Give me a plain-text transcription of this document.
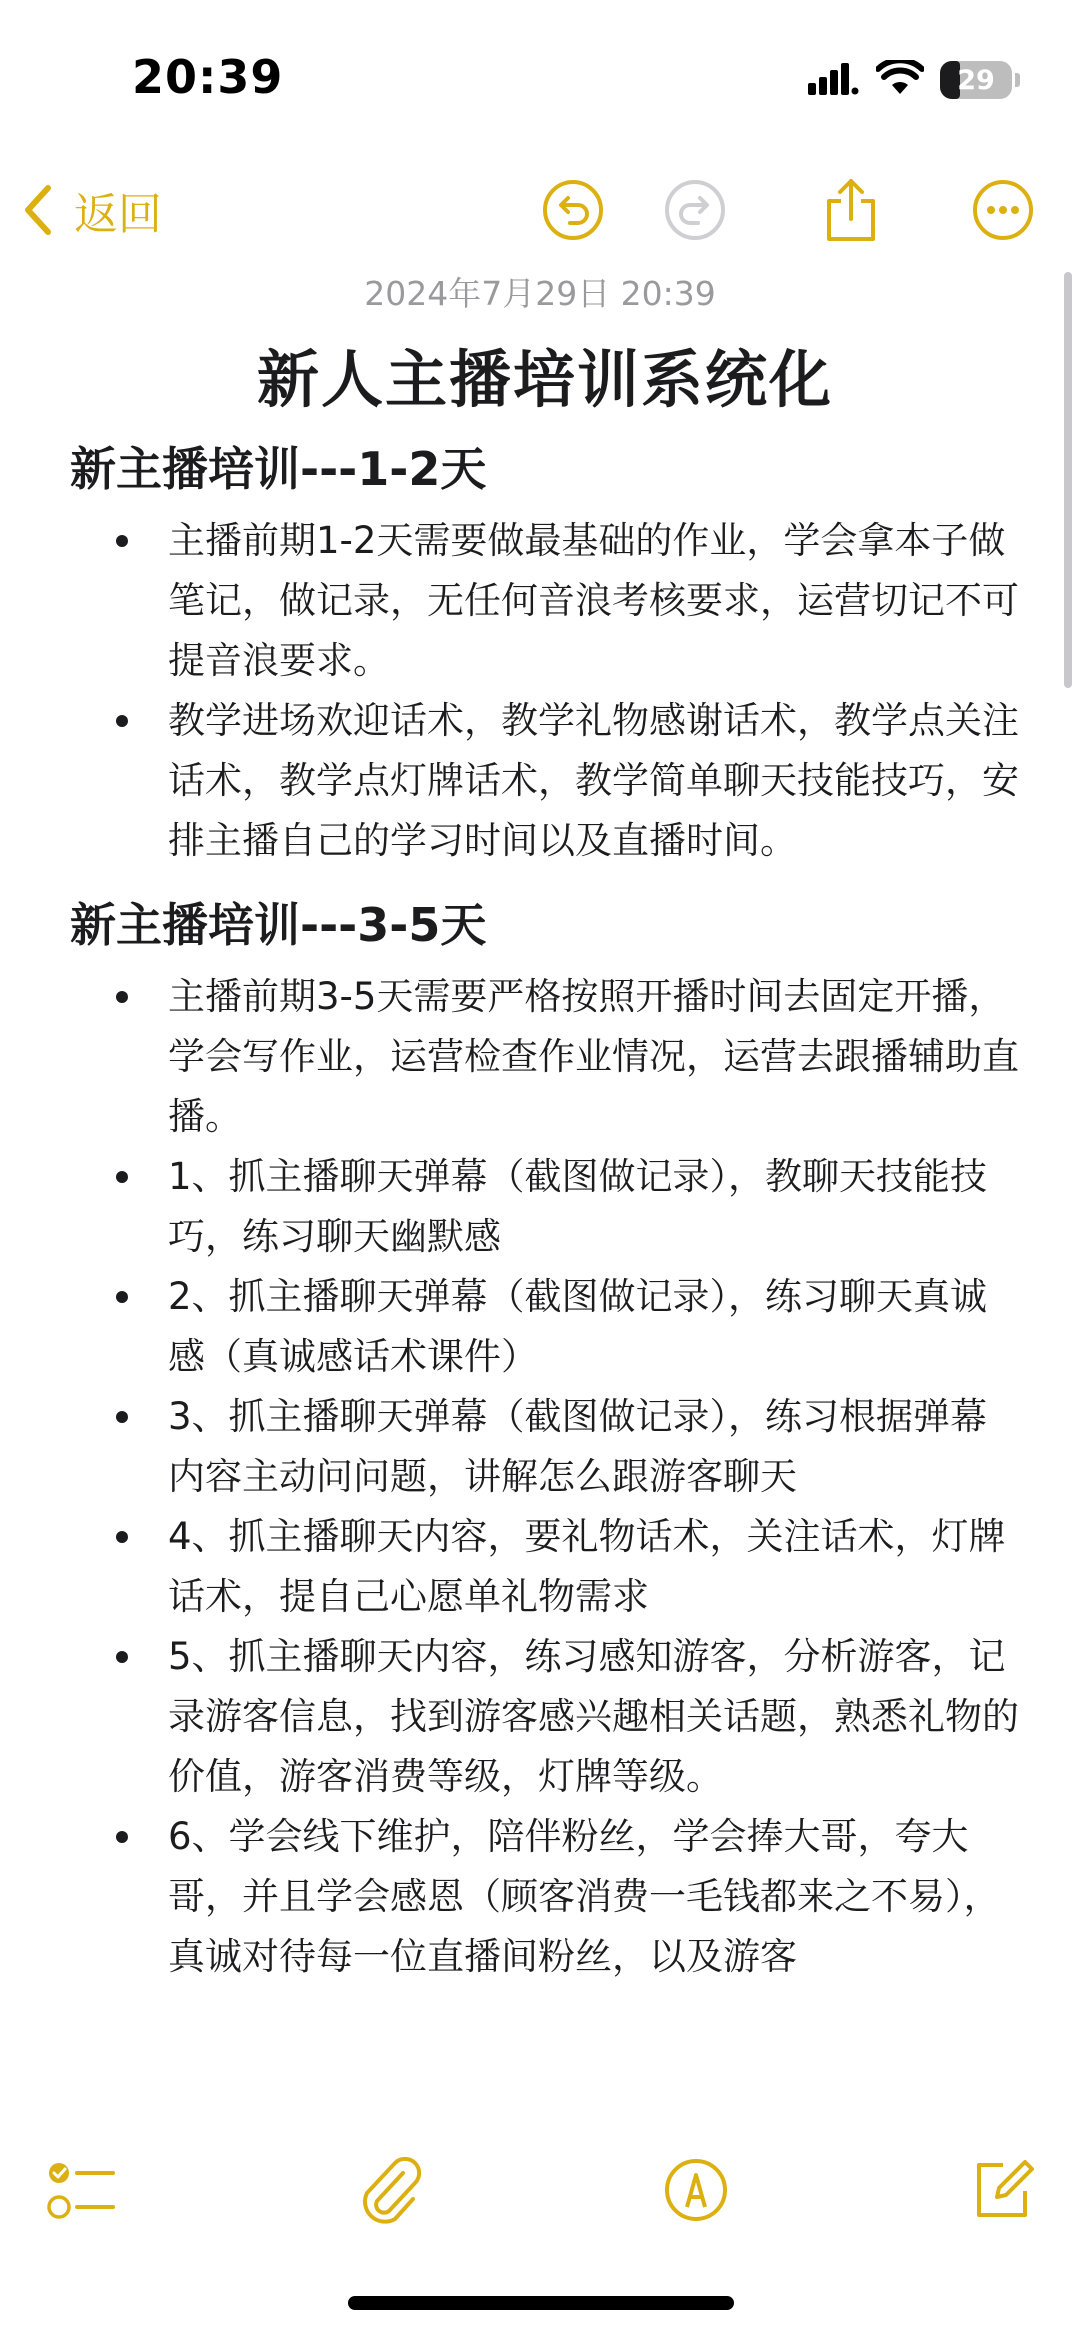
20:39	29
返回
2024年7月29日 20:39
新人主播培训系统化
新主播培训---1-2天
主播前期1-2天需要做最基础的作业，学会拿本子做笔记，做记录，无任何音浪考核要求，运营切记不可提音浪要求。
教学进场欢迎话术，教学礼物感谢话术，教学点关注话术，教学点灯牌话术，教学简单聊天技能技巧，安排主播自己的学习时间以及直播时间。
新主播培训---3-5天
主播前期3-5天需要严格按照开播时间去固定开播，学会写作业，运营检查作业情况，运营去跟播辅助直播。
1、抓主播聊天弹幕（截图做记录），教聊天技能技巧，练习聊天幽默感
2、抓主播聊天弹幕（截图做记录），练习聊天真诚感（真诚感话术课件）
3、抓主播聊天弹幕（截图做记录），练习根据弹幕内容主动问问题，讲解怎么跟游客聊天
4、抓主播聊天内容，要礼物话术，关注话术，灯牌话术，提自己心愿单礼物需求
5、抓主播聊天内容，练习感知游客，分析游客，记录游客信息，找到游客感兴趣相关话题，熟悉礼物的价值，游客消费等级，灯牌等级。
6、学会线下维护，陪伴粉丝，学会捧大哥，夸大哥，并且学会感恩（顾客消费一毛钱都来之不易），真诚对待每一位直播间粉丝，以及游客
